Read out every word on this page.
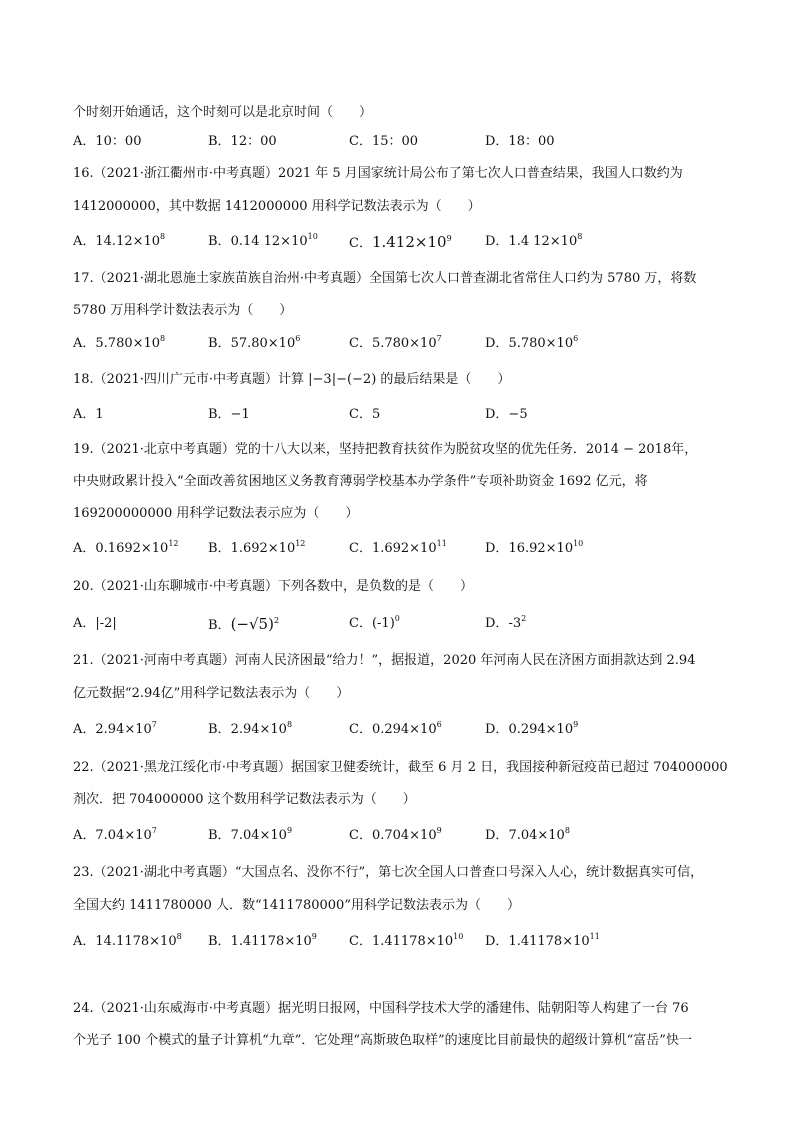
个时刻开始通话，这个时刻可以是北京时间（　　）
A．10：00	B．12：00	C．15：00	D．18：00
16.（2021·浙江衢州市·中考真题）2021 年 5 月国家统计局公布了第七次人口普查结果，我国人口数约为
1412000000，其中数据 1412000000 用科学记数法表示为（　　）
A．$14.12\times 10^8$	B．0.14 $12\times 10^{10}$ C．$1.412\times 10^9$	D．1.4 $12\times 10^8$
17.（2021·湖北恩施土家族苗族自治州·中考真题）全国第七次人口普查湖北省常住人口约为 5780 万，将数
5780 万用科学计数法表示为（　　）
A．$5.780\times 10^8$	B．$57.80\times 10^6$	C．$5.780\times 10^7$	D．$5.780\times 10^6$
18.（2021·四川广元市·中考真题）计算 |−3|−(−2) 的最后结果是（　　）
A．1	B．−1	C．5	D．−5
19.（2021·北京中考真题）党的十八大以来，坚持把教育扶贫作为脱贫攻坚的优先任务．2014 − 2018年，
中央财政累计投入“全面改善贫困地区义务教育薄弱学校基本办学条件”专项补助资金 1692 亿元，将
169200000000 用科学记数法表示应为（　　）
A．$0.1692\times 10^{12}$ B．$1.692\times 10^{12}$	C．$1.692\times 10^{11}$	D．$16.92\times 10^{10}$
20.（2021·山东聊城市·中考真题）下列各数中，是负数的是（　　）
A．|-2|	B．$(-√5)^2$	C．$(-1)^0$	D．$-3^2$
21.（2021·河南中考真题）河南人民济困最“给力！”，据报道，2020 年河南人民在济困方面捐款达到 2.94
亿元数据“2.94亿”用科学记数法表示为（　　）
A．$2.94\times 10^7$	B．$2.94\times 10^8$	C．$0.294\times 10^6$	D．$0.294\times 10^9$
22.（2021·黑龙江绥化市·中考真题）据国家卫健委统计，截至 6 月 2 日，我国接种新冠疫苗已超过 704000000
剂次．把 704000000 这个数用科学记数法表示为（　　）
A．$7.04\times 10^7$	B．$7.04\times 10^9$	C．$0.704\times 10^9$	D．$7.04\times 10^8$
23.（2021·湖北中考真题）“大国点名、没你不行”，第七次全国人口普查口号深入人心，统计数据真实可信，
全国大约 1411780000 人．数“1411780000”用科学记数法表示为（　　）
A．$14.1178\times 10^8$ B．$1.41178\times 10^9$ C．$1.41178\times 10^{10}$ D．$1.41178\times 10^{11}$
24.（2021·山东威海市·中考真题）据光明日报网，中国科学技术大学的潘建伟、陆朝阳等人构建了一台 76
个光子 100 个模式的量子计算机“九章”．它处理“高斯玻色取样”的速度比目前最快的超级计算机“富岳”快一
